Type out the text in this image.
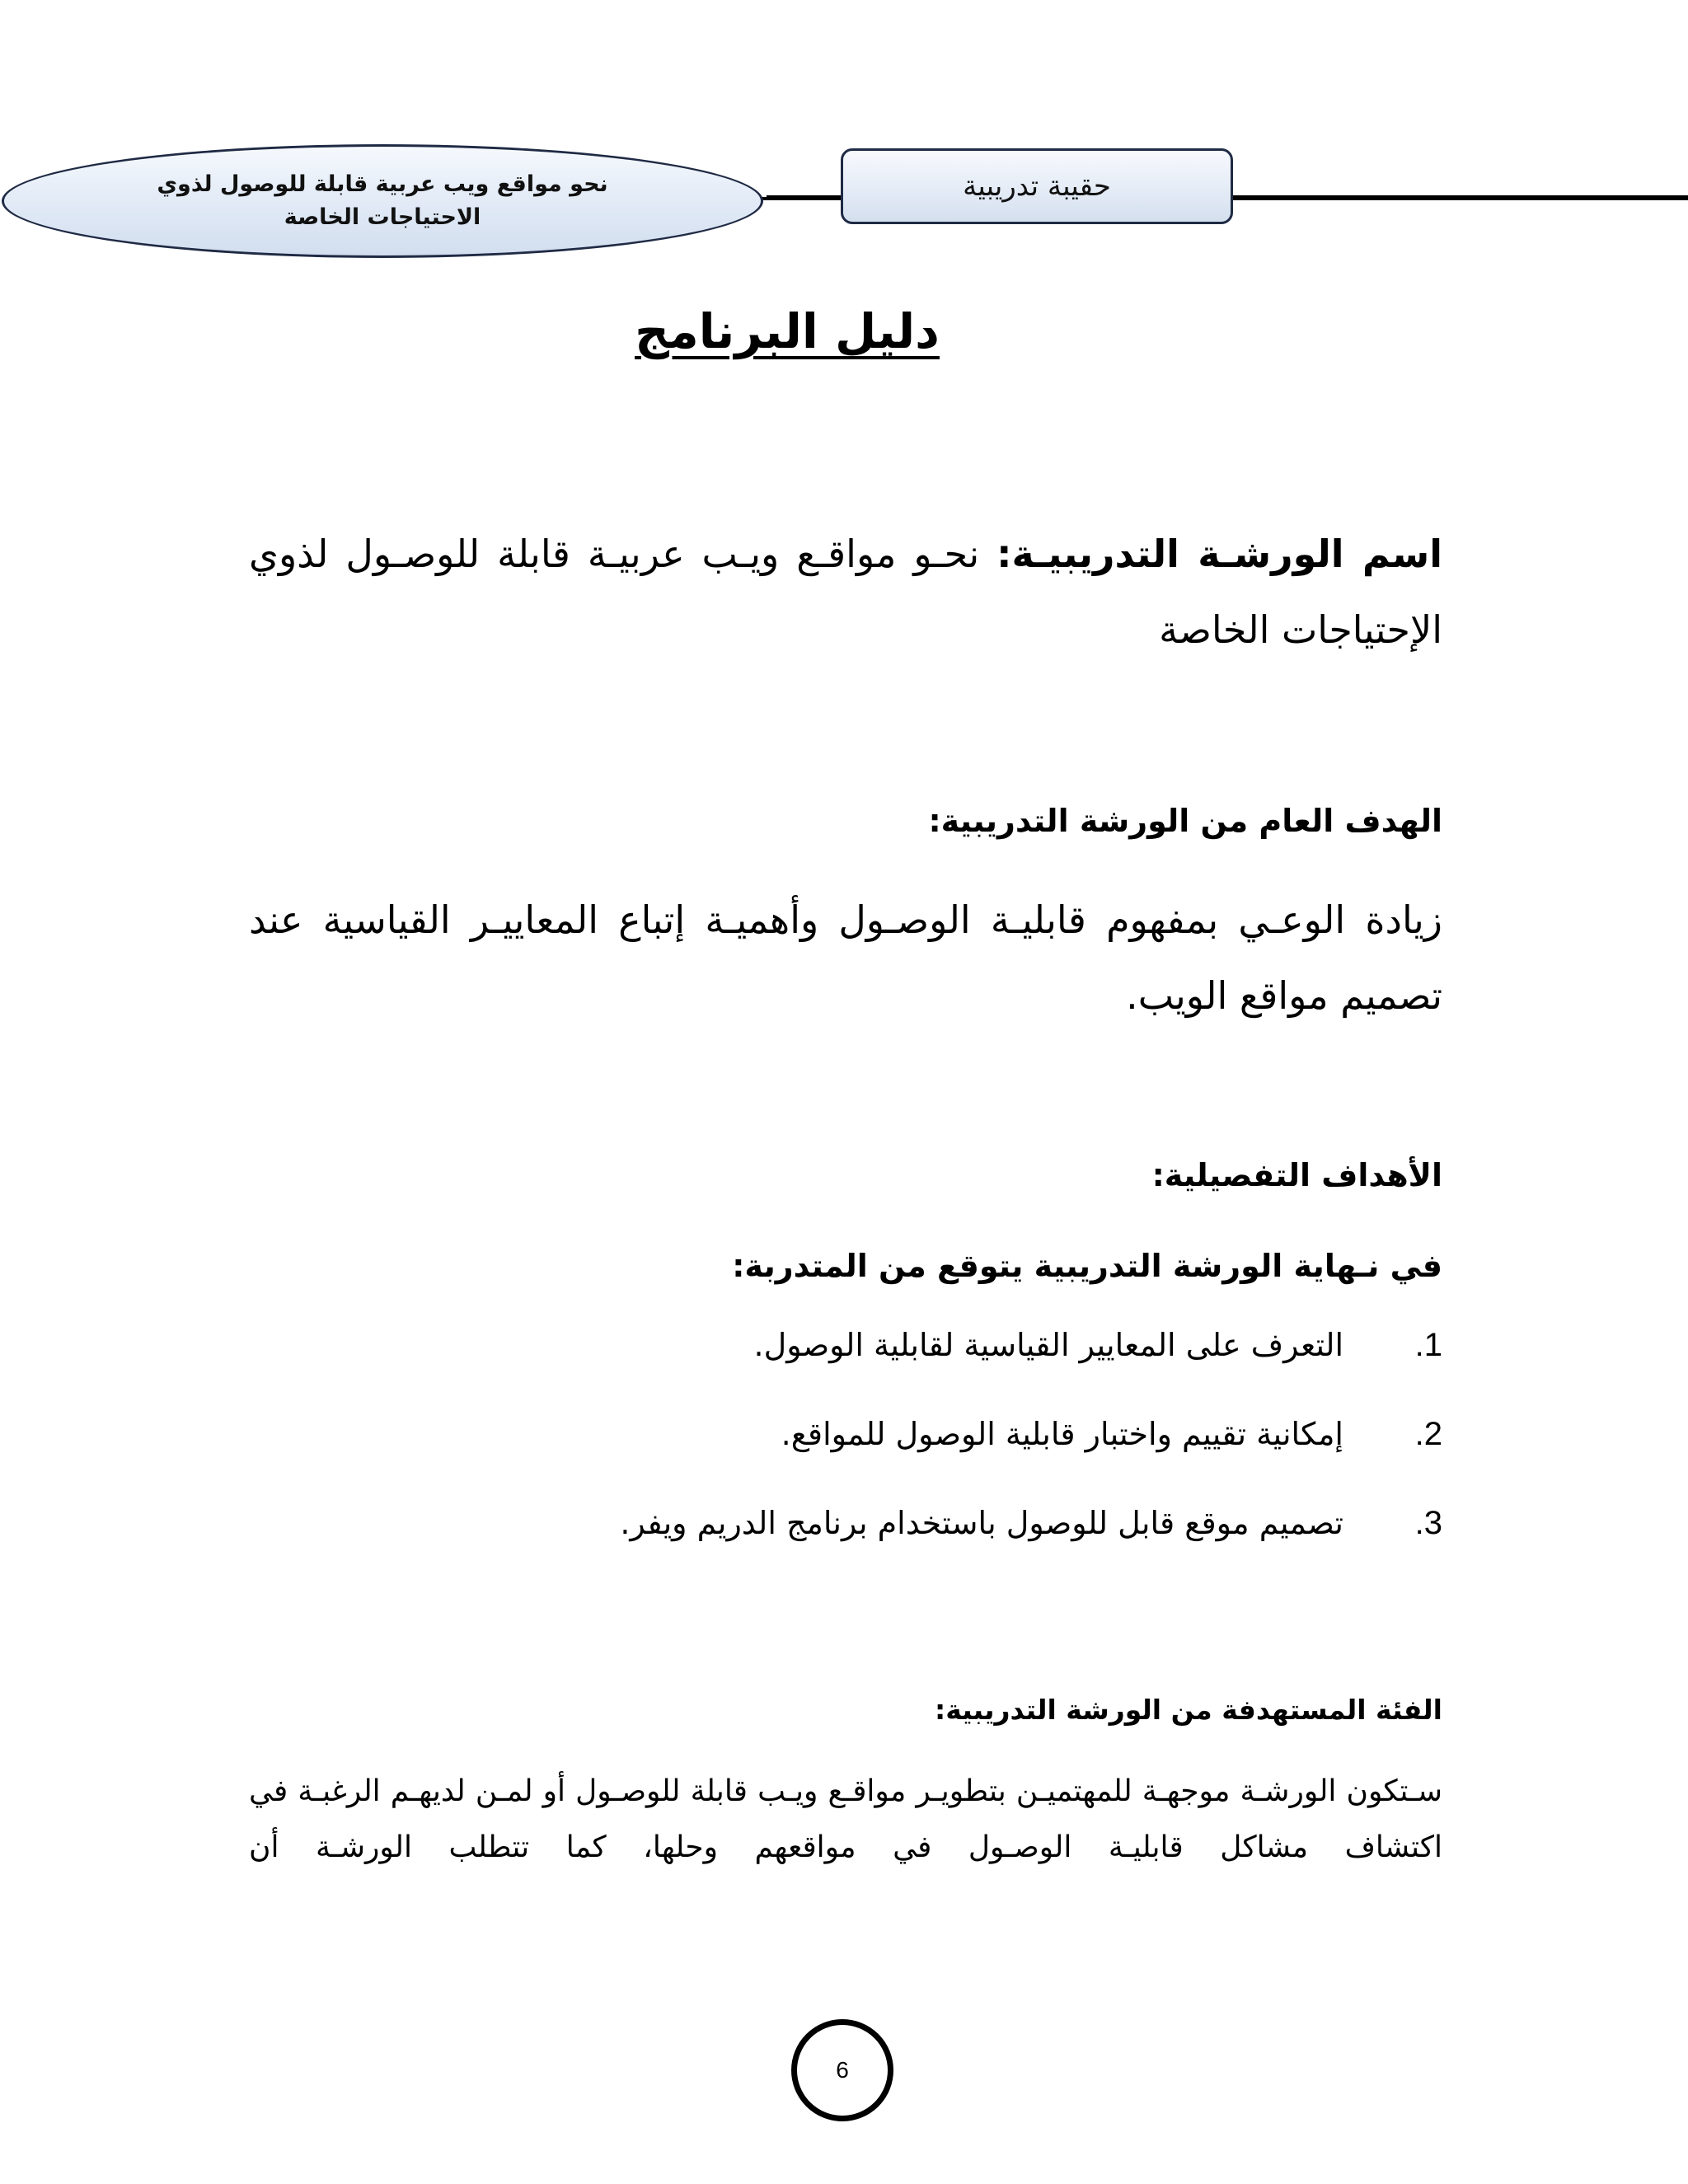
نحو مواقع ويب عربية قابلة للوصول لذوي
الاحتياجات الخاصة
حقيبة تدريبية
دليل البرنامج
اسم الورشـة التدريبيـة: نحـو مواقـع ويـب عربيـة قابلة للوصـول لذوي الإحتياجات الخاصة
الهدف العام من الورشة التدريبية:
زيادة الوعـي بمفهوم قابليـة الوصـول وأهميـة إتباع المعاييـر القياسية عند تصميم مواقع الويب.
الأهداف التفصيلية:
في نـهاية الورشة التدريبية يتوقع من المتدربة:
1.
التعرف على المعايير القياسية لقابلية الوصول.
2.
إمكانية تقييم واختبار قابلية الوصول للمواقع.
3.
تصميم موقع قابل للوصول باستخدام برنامج الدريم ويفر.
الفئة المستهدفة من الورشة التدريبية:
سـتكون الورشـة موجهـة للمهتميـن بتطويـر مواقـع ويـب قابلة للوصـول أو لمـن لديهـم الرغبـة في اكتشاف مشاكل قابليـة الوصـول في مواقعهم وحلها، كما تتطلب الورشـة أن
6
